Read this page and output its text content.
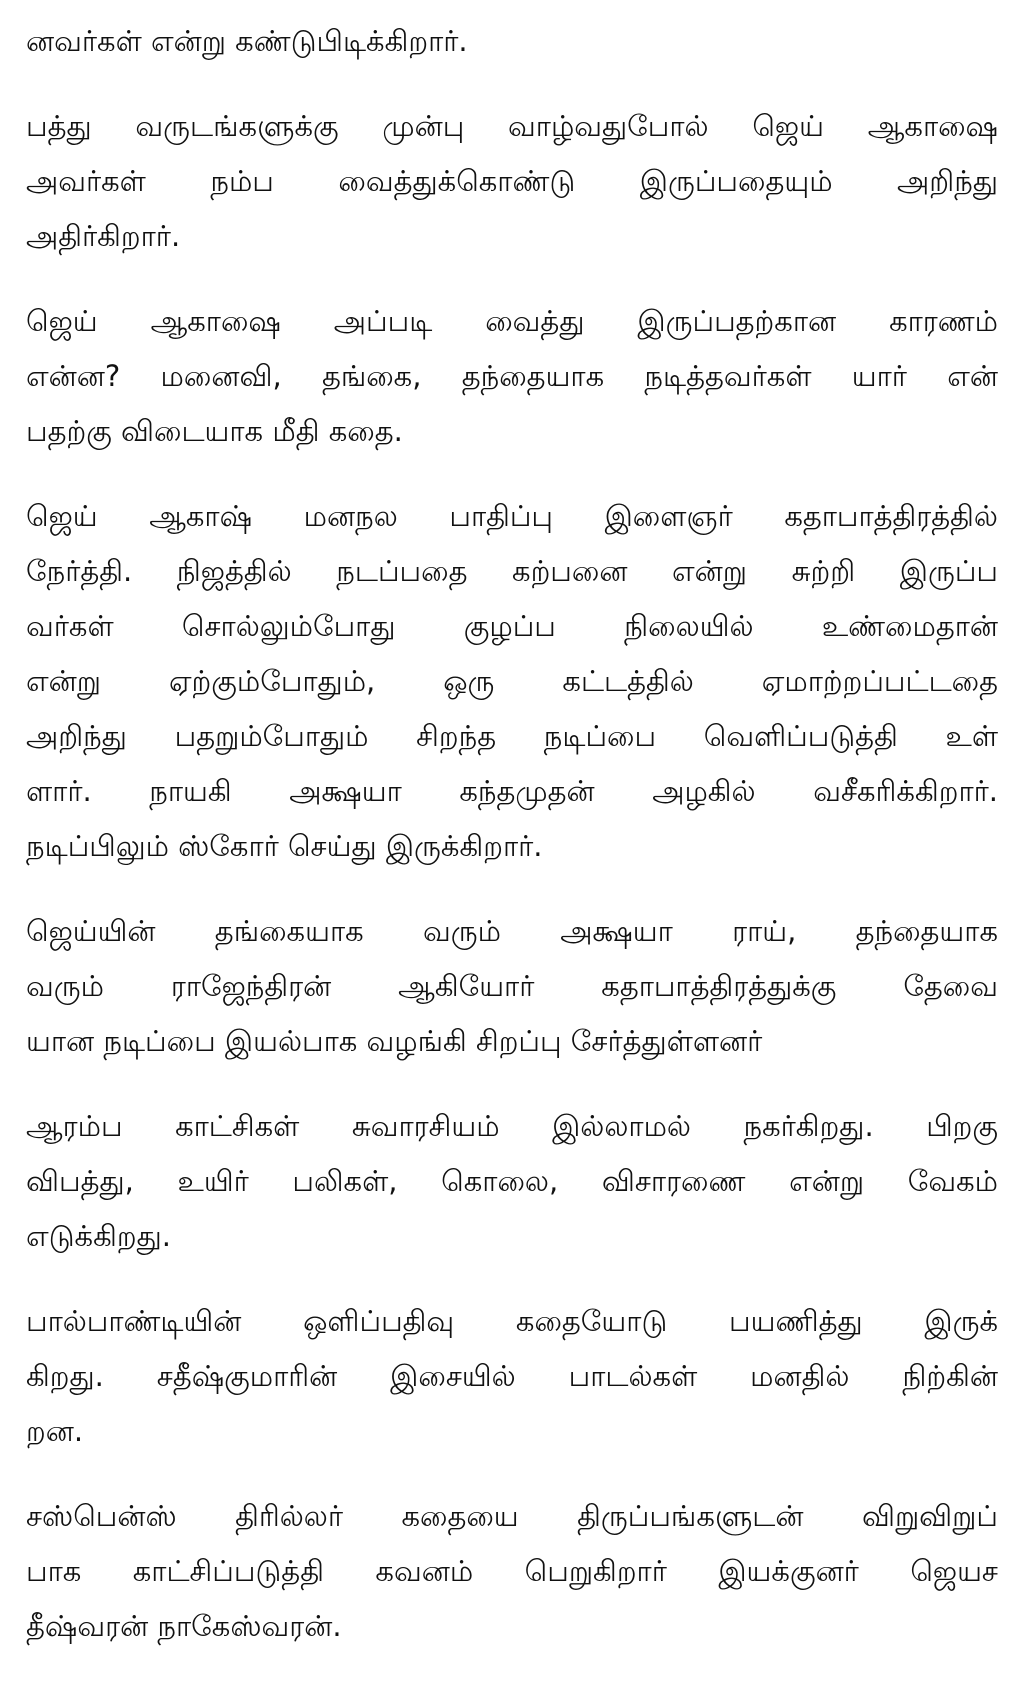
னவர்கள் என்று கண்டுபிடிக்கிறார்.

பத்து வருடங்களுக்கு முன்பு வாழ்வதுபோல் ஜெய் ஆகாஷை
அவர்கள் நம்ப வைத்துக்கொண்டு இருப்பதையும் அறிந்து
அதிர்கிறார்.

ஜெய் ஆகாஷை அப்படி வைத்து இருப்பதற்கான காரணம்
என்ன? மனைவி, தங்கை, தந்தையாக நடித்தவர்கள் யார் என்
பதற்கு விடையாக மீதி கதை.

ஜெய் ஆகாஷ் மனநல பாதிப்பு இளைஞர் கதாபாத்திரத்தில்
நேர்த்தி. நிஜத்தில் நடப்பதை கற்பனை என்று சுற்றி இருப்ப
வர்கள் சொல்லும்போது குழப்ப நிலையில் உண்மைதான்
என்று ஏற்கும்போதும், ஒரு கட்டத்தில் ஏமாற்றப்பட்டதை
அறிந்து பதறும்போதும் சிறந்த நடிப்பை வெளிப்படுத்தி உள்
ளார். நாயகி அக்ஷயா கந்தமுதன் அழகில் வசீகரிக்கிறார்.
நடிப்பிலும் ஸ்கோர் செய்து இருக்கிறார்.

ஜெய்யின் தங்கையாக வரும் அக்ஷயா ராய், தந்தையாக
வரும் ராஜேந்திரன் ஆகியோர் கதாபாத்திரத்துக்கு தேவை
யான நடிப்பை இயல்பாக வழங்கி சிறப்பு சேர்த்துள்ளனர்

ஆரம்ப காட்சிகள் சுவாரசியம் இல்லாமல் நகர்கிறது. பிறகு
விபத்து, உயிர் பலிகள், கொலை, விசாரணை என்று வேகம்
எடுக்கிறது.

பால்பாண்டியின் ஒளிப்பதிவு கதையோடு பயணித்து இருக்
கிறது. சதீஷ்குமாரின் இசையில் பாடல்கள் மனதில் நிற்கின்
றன.

சஸ்பென்ஸ் திரில்லர் கதையை திருப்பங்களுடன் விறுவிறுப்
பாக காட்சிப்படுத்தி கவனம் பெறுகிறார் இயக்குனர் ஜெயச
தீஷ்வரன் நாகேஸ்வரன்.
